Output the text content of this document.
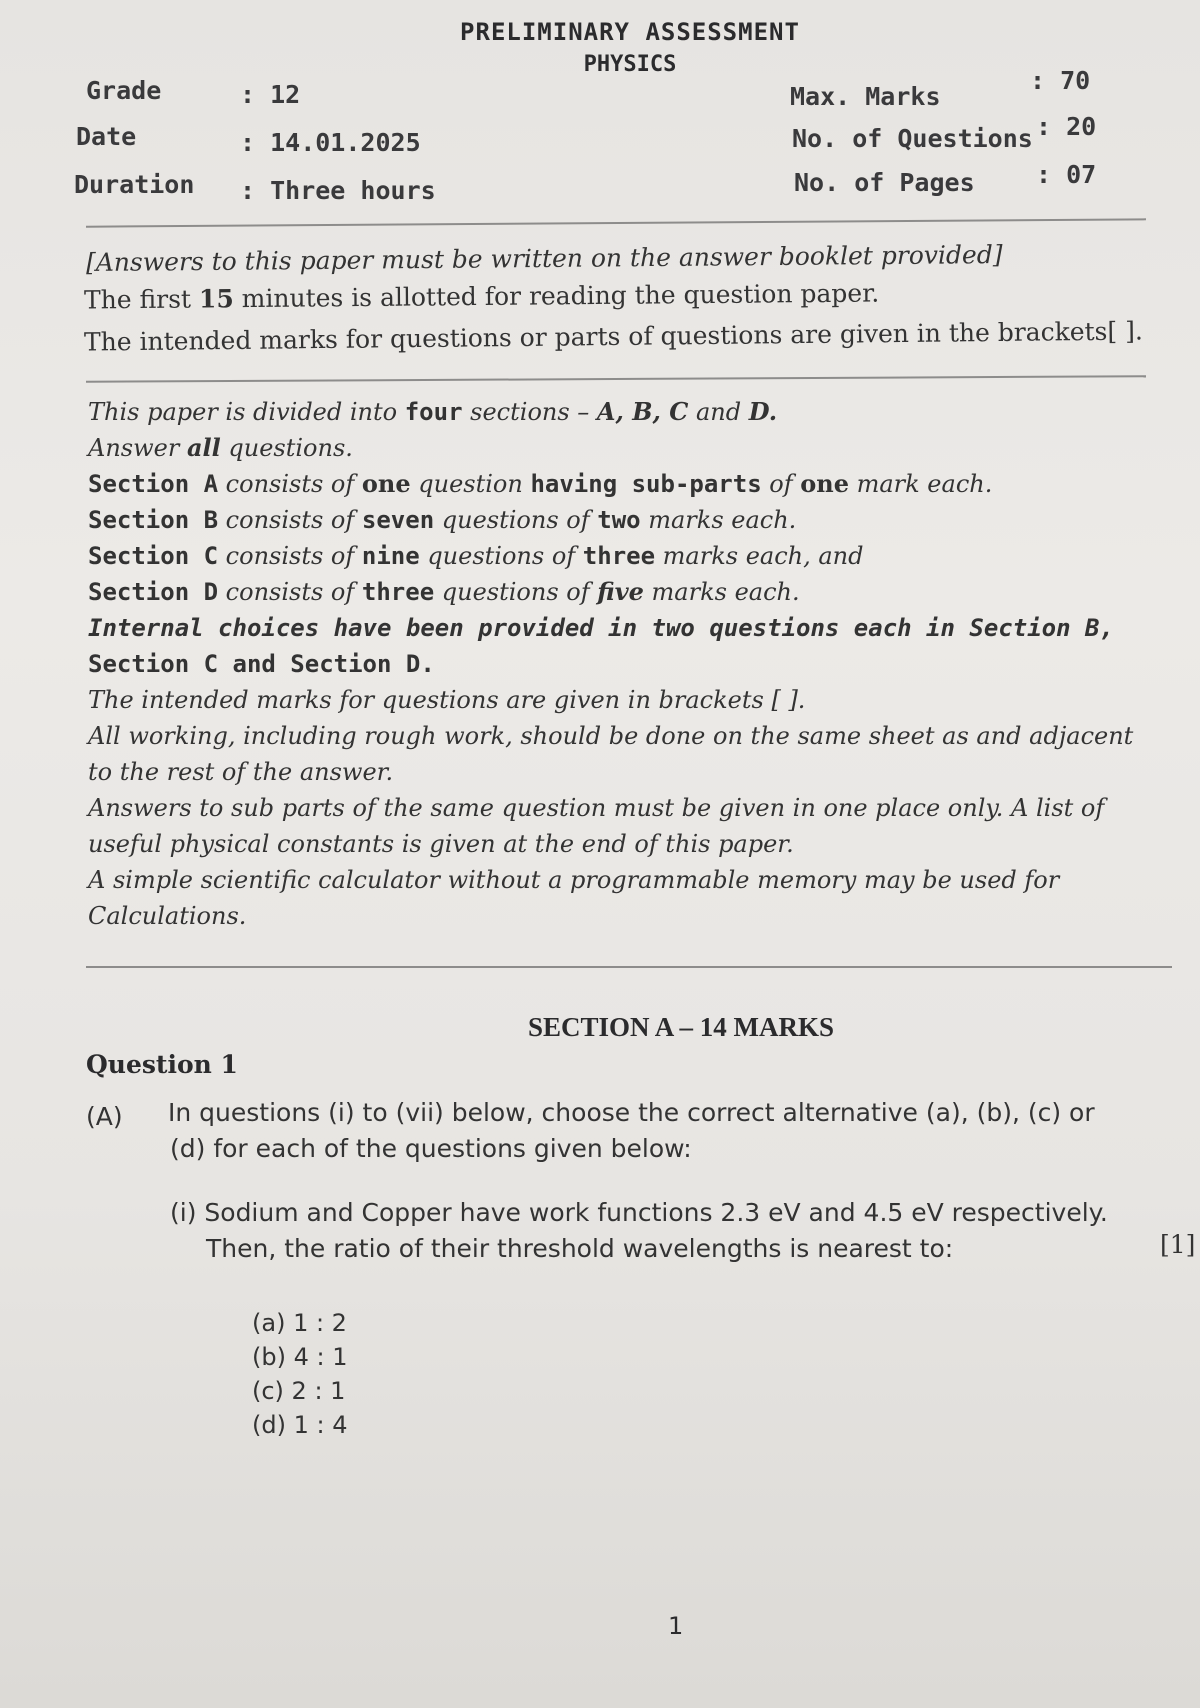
PRELIMINARY ASSESSMENT
PHYSICS
Grade	: 12
Date	: 14.01.2025
Duration : Three hours
Max. Marks
: 70
No. of Questions : 20
No. of Pages : 07
[Answers to this paper must be written on the answer booklet provided]
The first 15 minutes is allotted for reading the question paper.
The intended marks for questions or parts of questions are given in the brackets[ ].

This paper is divided into four sections – A, B, C and D.

Answer all questions.

Section A consists of one question having sub-parts of one mark each.

Section B consists of seven questions of two marks each.

Section C consists of nine questions of three marks each, and

Section D consists of three questions of five marks each.

Internal choices have been provided in two questions each in Section B,

Section C and Section D.

The intended marks for questions are given in brackets [ ].

All working, including rough work, should be done on the same sheet as and adjacent

to the rest of the answer.

Answers to sub parts of the same question must be given in one place only. A list of

useful physical constants is given at the end of this paper.

A simple scientific calculator without a programmable memory may be used for

Calculations.

SECTION A – 14 MARKS
Question 1
(A) In questions (i) to (vii) below, choose the correct alternative (a), (b), (c) or
(d) for each of the questions given below:
(i) Sodium and Copper have work functions 2.3 eV and 4.5 eV respectively.
Then, the ratio of their threshold wavelengths is nearest to:	[1]
(a) 1 : 2
(b) 4 : 1
(c) 2 : 1
(d) 1 : 4
1
